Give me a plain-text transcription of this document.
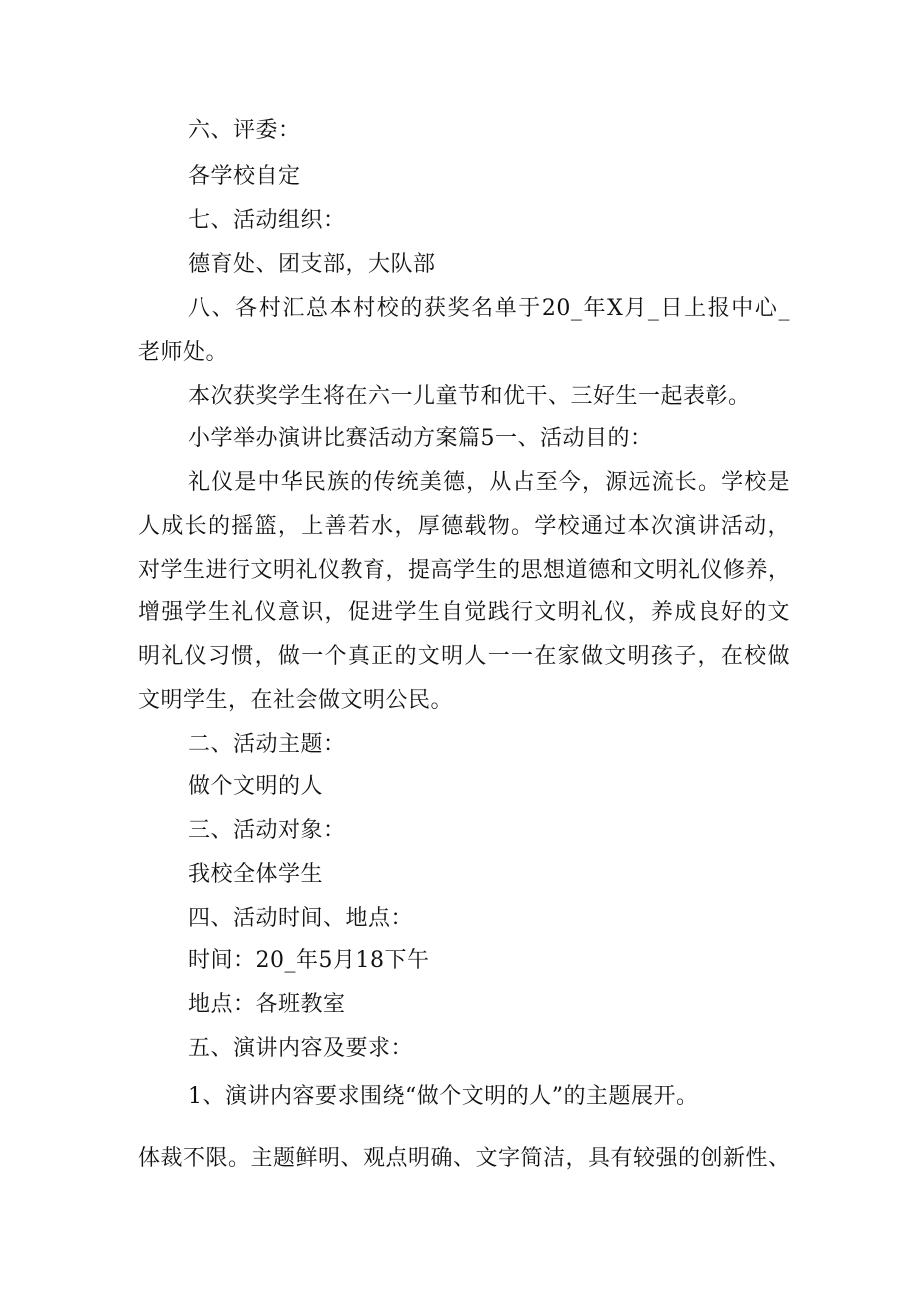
六、评委：
各学校自定
七、活动组织：
德育处、团支部，大队部
八、各村汇总本村校的获奖名单于20_年X月_日上报中心_
老师处。
本次获奖学生将在六一儿童节和优干、三好生一起表彰。
小学举办演讲比赛活动方案篇5一、活动目的：
礼仪是中华民族的传统美德，从占至今，源远流长。学校是
人成长的摇篮，上善若水，厚德载物。学校通过本次演讲活动，
对学生进行文明礼仪教育，提高学生的思想道德和文明礼仪修养，
增强学生礼仪意识，促进学生自觉践行文明礼仪，养成良好的文
明礼仪习惯，做一个真正的文明人一一在家做文明孩子，在校做
文明学生，在社会做文明公民。
二、活动主题：
做个文明的人
三、活动对象：
我校全体学生
四、活动时间、地点：
时间：20_年5月18下午
地点：各班教室
五、演讲内容及要求：
1、演讲内容要求围绕“做个文明的人”的主题展开。
体裁不限。主题鲜明、观点明确、文字简洁，具有较强的创新性、
